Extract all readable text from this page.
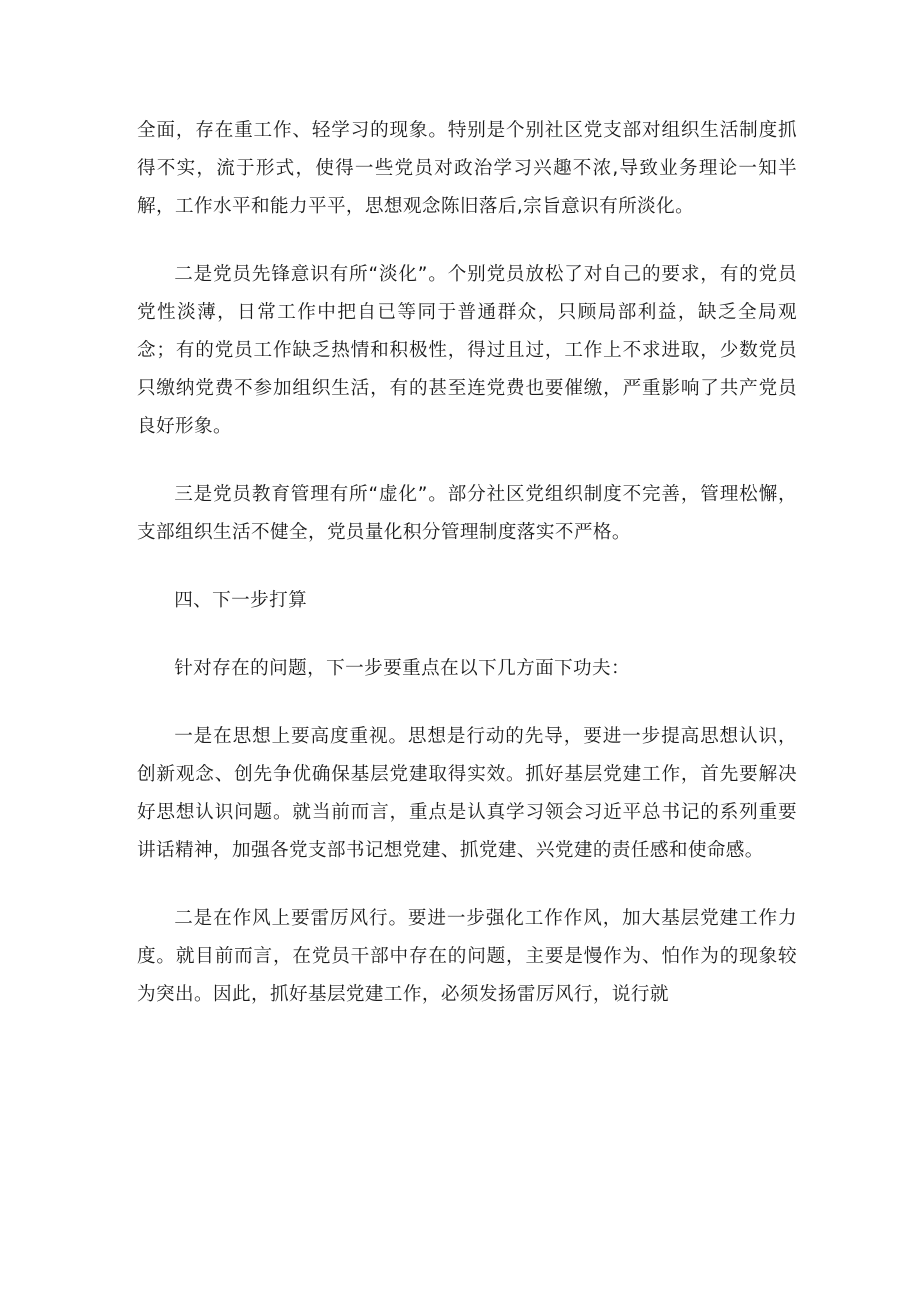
全面，存在重工作、轻学习的现象。特别是个别社区党支部对组织生活制度抓得不实，流于形式，使得一些党员对政治学习兴趣不浓,导致业务理论一知半解，工作水平和能力平平，思想观念陈旧落后,宗旨意识有所淡化。

二是党员先锋意识有所“淡化”。个别党员放松了对自己的要求，有的党员党性淡薄，日常工作中把自已等同于普通群众，只顾局部利益，缺乏全局观念；有的党员工作缺乏热情和积极性，得过且过，工作上不求进取，少数党员只缴纳党费不参加组织生活，有的甚至连党费也要催缴，严重影响了共产党员良好形象。

三是党员教育管理有所“虚化”。部分社区党组织制度不完善，管理松懈，支部组织生活不健全，党员量化积分管理制度落实不严格。

四、下一步打算

针对存在的问题，下一步要重点在以下几方面下功夫：

一是在思想上要高度重视。思想是行动的先导，要进一步提高思想认识，创新观念、创先争优确保基层党建取得实效。抓好基层党建工作，首先要解决好思想认识问题。就当前而言，重点是认真学习领会习近平总书记的系列重要讲话精神，加强各党支部书记想党建、抓党建、兴党建的责任感和使命感。

二是在作风上要雷厉风行。要进一步强化工作作风，加大基层党建工作力度。就目前而言，在党员干部中存在的问题，主要是慢作为、怕作为的现象较为突出。因此，抓好基层党建工作，必须发扬雷厉风行，说行就
